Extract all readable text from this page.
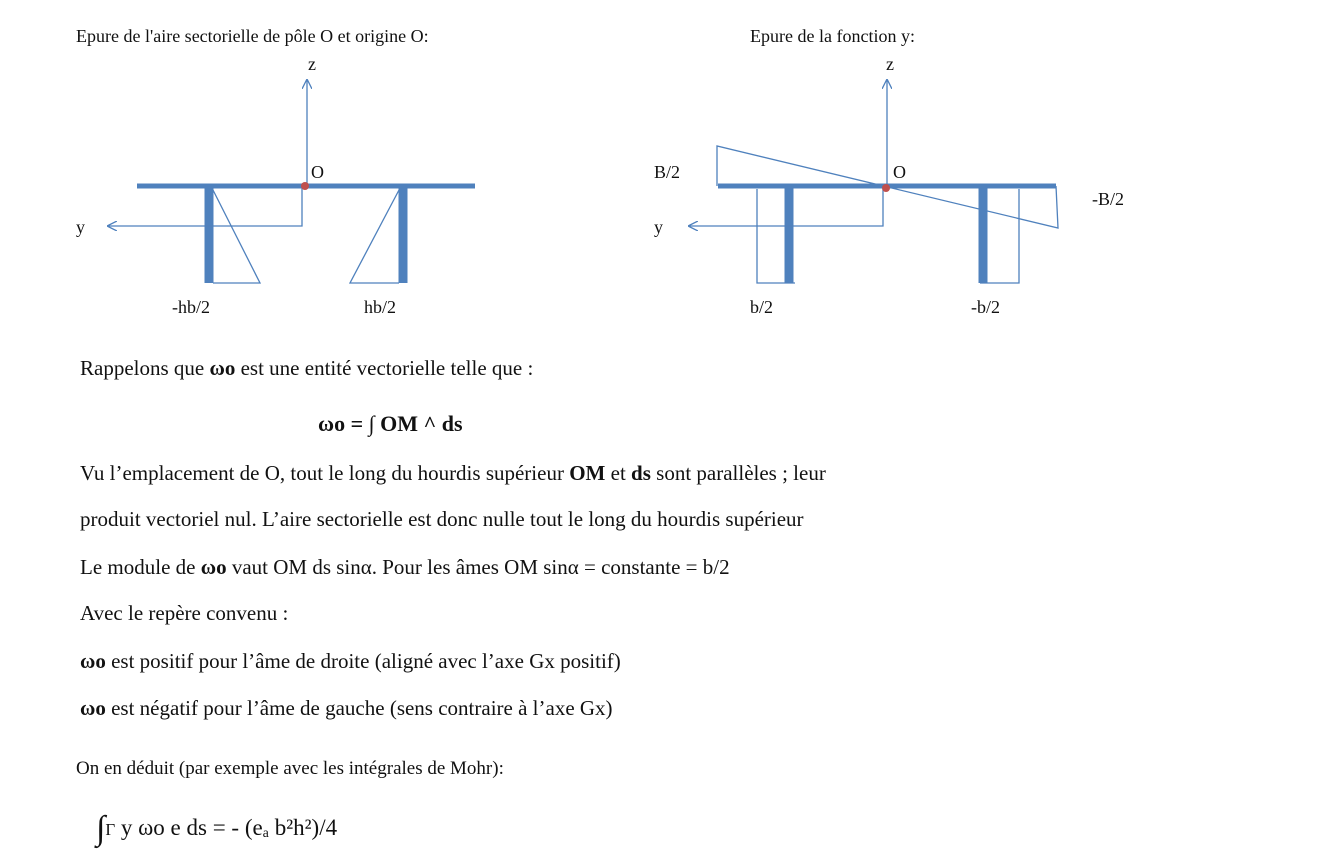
Epure de l'aire sectorielle de pôle O et origine O:
z
O
y
-hb/2	hb/2
Epure de la fonction y:
z
O
B/2
-B/2
y
b/2	-b/2
Rappelons que ωo est une entité vectorielle telle que :
ωo = ∫ OM ^ ds
Vu l’emplacement de O, tout le long du hourdis supérieur OM et ds sont parallèles ; leur
produit vectoriel nul. L’aire sectorielle est donc nulle tout le long du hourdis supérieur
Le module de ωo vaut OM ds sinα. Pour les âmes OM sinα = constante = b/2
Avec le repère convenu :
ωo est positif pour l’âme de droite (aligné avec l’axe Gx positif)
ωo est négatif pour l’âme de gauche (sens contraire à l’axe Gx)
On en déduit (par exemple avec les intégrales de Mohr):
∫Γ y ωo e ds = - (eₐ b²h²)/4
